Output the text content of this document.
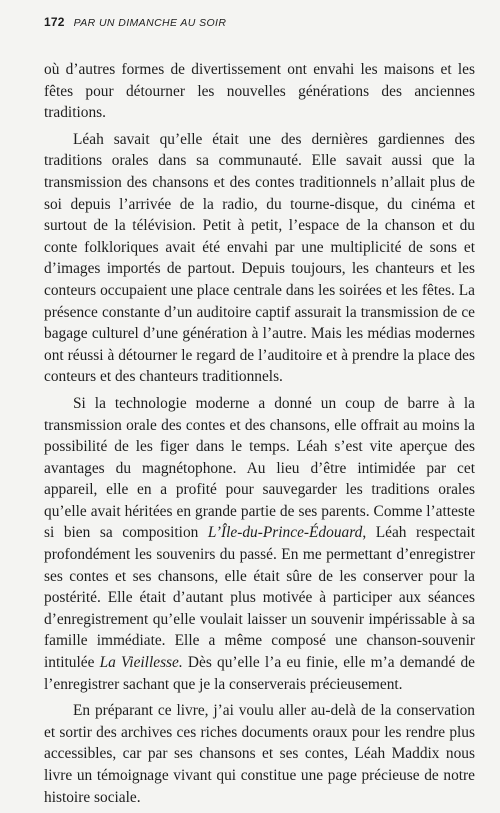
172 PAR UN DIMANCHE AU SOIR

où d’autres formes de divertissement ont envahi les maisons et les fêtes pour détourner les nouvelles générations des anciennes traditions.

Léah savait qu’elle était une des dernières gardiennes des traditions orales dans sa communauté. Elle savait aussi que la transmission des chansons et des contes traditionnels n’allait plus de soi depuis l’arrivée de la radio, du tourne-disque, du cinéma et surtout de la télévision. Petit à petit, l’espace de la chanson et du conte folkloriques avait été envahi par une multiplicité de sons et d’images importés de partout. Depuis toujours, les chanteurs et les conteurs occupaient une place centrale dans les soirées et les fêtes. La présence constante d’un auditoire captif assurait la transmission de ce bagage culturel d’une génération à l’autre. Mais les médias modernes ont réussi à détourner le regard de l’auditoire et à prendre la place des conteurs et des chanteurs traditionnels.

Si la technologie moderne a donné un coup de barre à la transmission orale des contes et des chansons, elle offrait au moins la possibilité de les figer dans le temps. Léah s’est vite aperçue des avantages du magnétophone. Au lieu d’être intimidée par cet appareil, elle en a profité pour sauvegarder les traditions orales qu’elle avait héritées en grande partie de ses parents. Comme l’atteste si bien sa composition L’Île-du-Prince-Édouard, Léah respectait profondément les souvenirs du passé. En me permettant d’enregistrer ses contes et ses chansons, elle était sûre de les conserver pour la postérité. Elle était d’autant plus motivée à participer aux séances d’enregistrement qu’elle voulait laisser un souvenir impérissable à sa famille immédiate. Elle a même composé une chanson-souvenir intitulée La Vieillesse. Dès qu’elle l’a eu finie, elle m’a demandé de l’enregistrer sachant que je la conserverais précieusement.

En préparant ce livre, j’ai voulu aller au-delà de la conservation et sortir des archives ces riches documents oraux pour les rendre plus accessibles, car par ses chansons et ses contes, Léah Maddix nous livre un témoignage vivant qui constitue une page précieuse de notre histoire sociale.
